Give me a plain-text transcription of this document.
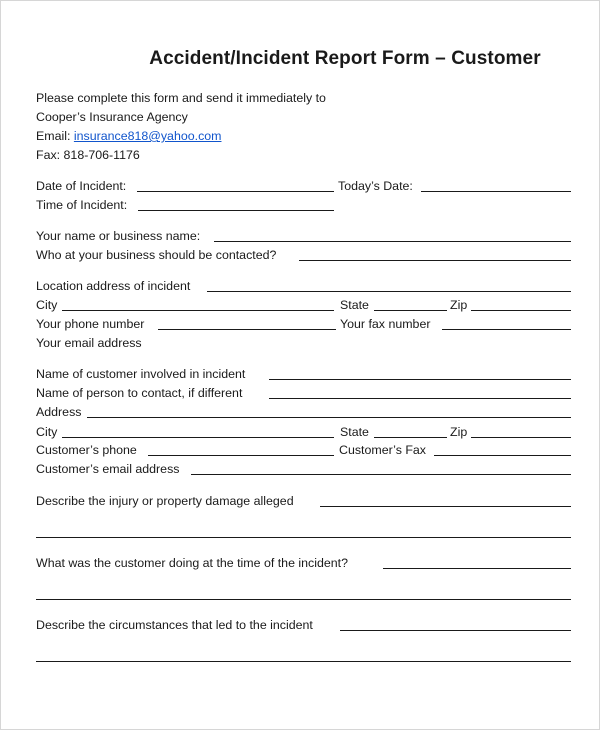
Accident/Incident Report Form – Customer
Please complete this form and send it immediately to
Cooper’s Insurance Agency
Email: insurance818@yahoo.com
Fax: 818-706-1176
Date of Incident:	Today’s Date:
Time of Incident:
Your name or business name:
Who at your business should be contacted?
Location address of incident
City	State	Zip
Your phone number	Your fax number
Your email address
Name of customer involved in incident
Name of person to contact, if different
Address
City	State	Zip
Customer’s phone	Customer’s Fax
Customer’s email address
Describe the injury or property damage alleged
What was the customer doing at the time of the incident?
Describe the circumstances that led to the incident
